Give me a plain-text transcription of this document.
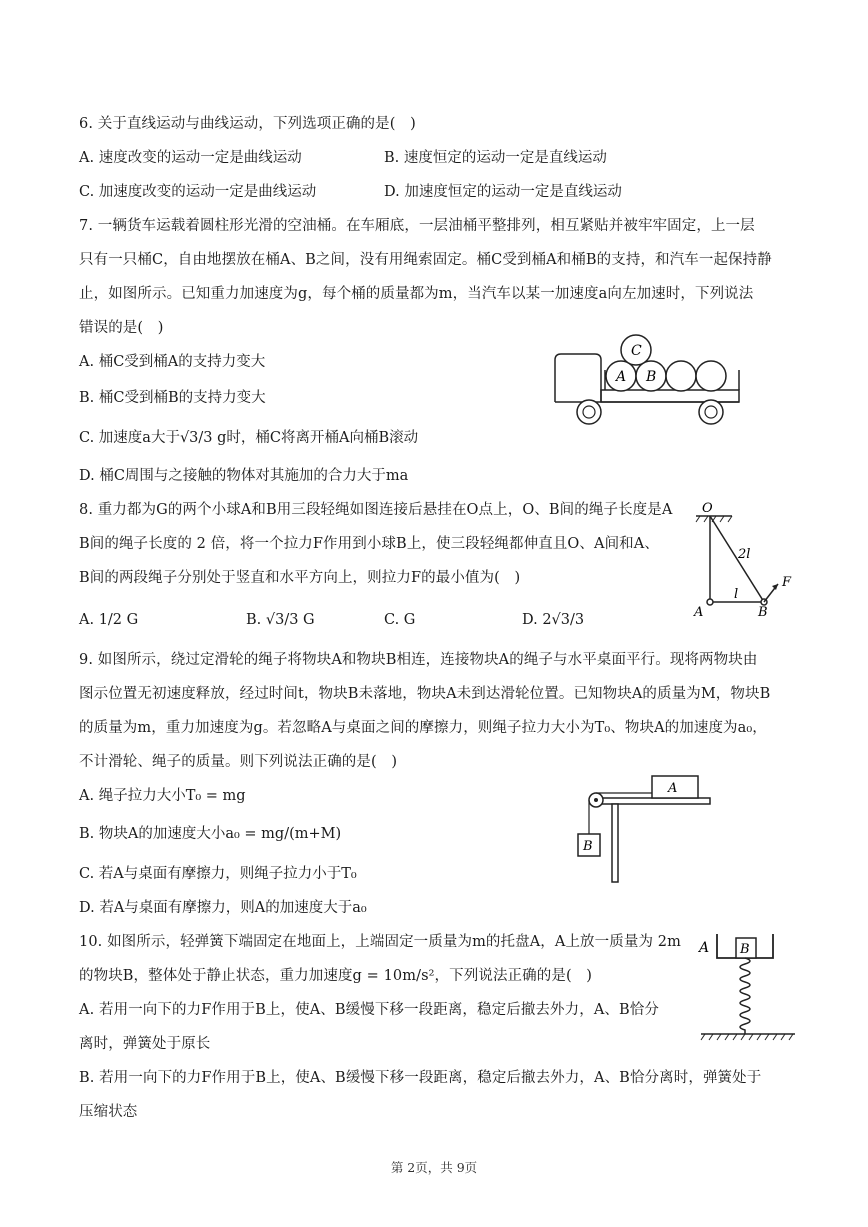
6. 关于直线运动与曲线运动，下列选项正确的是(　)
A. 速度改变的运动一定是曲线运动	B. 速度恒定的运动一定是直线运动
C. 加速度改变的运动一定是曲线运动	D. 加速度恒定的运动一定是直线运动
7. 一辆货车运载着圆柱形光滑的空油桶。在车厢底，一层油桶平整排列，相互紧贴并被牢牢固定，上一层
只有一只桶C，自由地摆放在桶A、B之间，没有用绳索固定。桶C受到桶A和桶B的支持，和汽车一起保持静
止，如图所示。已知重力加速度为g，每个桶的质量都为m，当汽车以某一加速度a向左加速时，下列说法
错误的是(　)
A. 桶C受到桶A的支持力变大
B. 桶C受到桶B的支持力变大
C. 加速度a大于√3/3 g时，桶C将离开桶A向桶B滚动
D. 桶C周围与之接触的物体对其施加的合力大于ma
C
A B
8. 重力都为G的两个小球A和B用三段轻绳如图连接后悬挂在O点上，O、B间的绳子长度是A
B间的绳子长度的 2 倍，将一个拉力F作用到小球B上，使三段轻绳都伸直且O、A间和A、
B间的两段绳子分别处于竖直和水平方向上，则拉力F的最小值为(　)
A. 1/2 G	B. √3/3 G	C. G	D. 2√3/3
O
F
2l
l
A	B
9. 如图所示，绕过定滑轮的绳子将物块A和物块B相连，连接物块A的绳子与水平桌面平行。现将两物块由
图示位置无初速度释放，经过时间t，物块B未落地，物块A未到达滑轮位置。已知物块A的质量为M，物块B
的质量为m，重力加速度为g。若忽略A与桌面之间的摩擦力，则绳子拉力大小为T₀、物块A的加速度为a₀，
不计滑轮、绳子的质量。则下列说法正确的是(　)
A. 绳子拉力大小T₀ = mg
B. 物块A的加速度大小a₀ = mg/(m+M)
C. 若A与桌面有摩擦力，则绳子拉力小于T₀
D. 若A与桌面有摩擦力，则A的加速度大于a₀
A
B
10. 如图所示，轻弹簧下端固定在地面上，上端固定一质量为m的托盘A，A上放一质量为 2m
的物块B，整体处于静止状态，重力加速度g = 10m/s²，下列说法正确的是(　)
A. 若用一向下的力F作用于B上，使A、B缓慢下移一段距离，稳定后撤去外力，A、B恰分
离时，弹簧处于原长
B. 若用一向下的力F作用于B上，使A、B缓慢下移一段距离，稳定后撤去外力，A、B恰分离时，弹簧处于
压缩状态
A B
第 2页，共 9页
